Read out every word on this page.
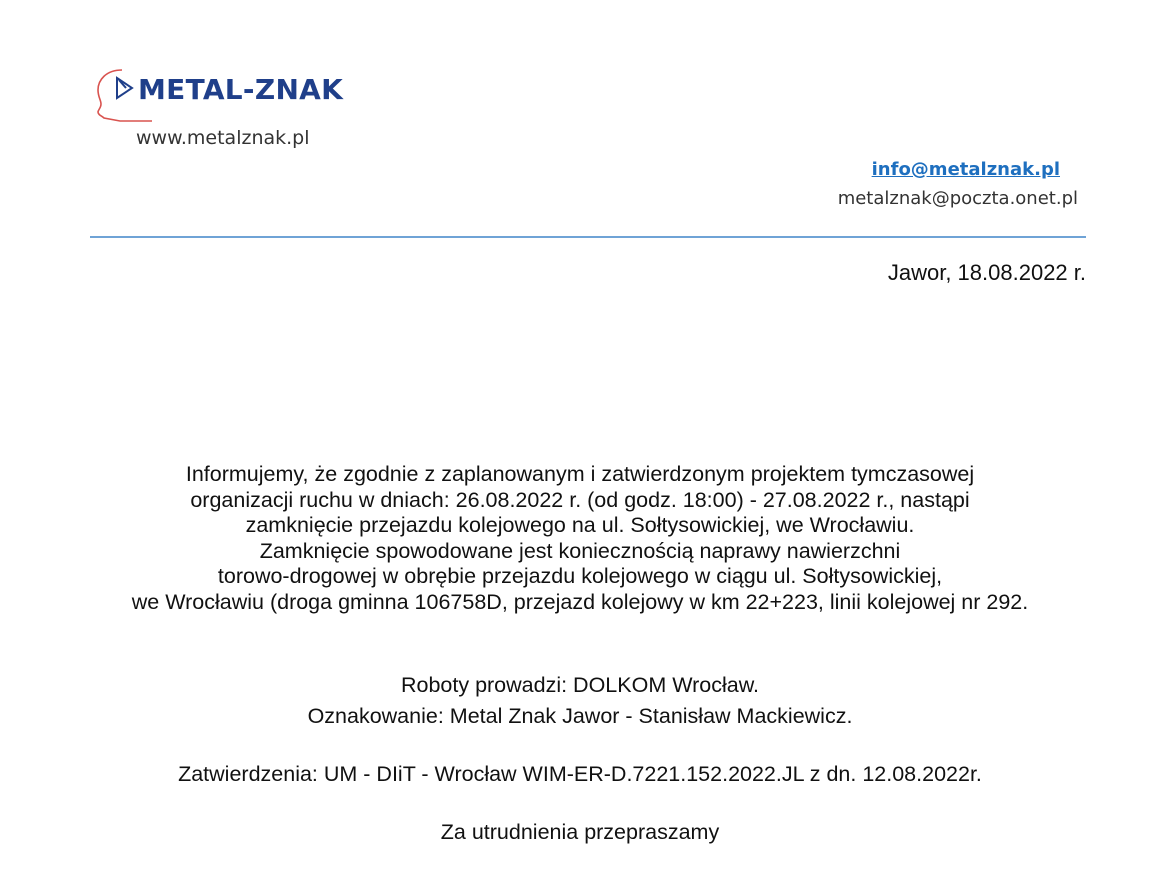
METAL-ZNAK
www.metalznak.pl
info@metalznak.pl
metalznak@poczta.onet.pl
Jawor, 18.08.2022 r.
Informujemy, że zgodnie z zaplanowanym i zatwierdzonym projektem tymczasowej
organizacji ruchu w dniach: 26.08.2022 r. (od godz. 18:00) - 27.08.2022 r., nastąpi
zamknięcie przejazdu kolejowego na ul. Sołtysowickiej, we Wrocławiu.
Zamknięcie spowodowane jest koniecznością naprawy nawierzchni
torowo-drogowej w obrębie przejazdu kolejowego w ciągu ul. Sołtysowickiej,
we Wrocławiu (droga gminna 106758D, przejazd kolejowy w km 22+223, linii kolejowej nr 292.
Roboty prowadzi: DOLKOM Wrocław.
Oznakowanie: Metal Znak Jawor - Stanisław Mackiewicz.
Zatwierdzenia: UM - DIiT - Wrocław WIM-ER-D.7221.152.2022.JL z dn. 12.08.2022r.
Za utrudnienia przepraszamy
